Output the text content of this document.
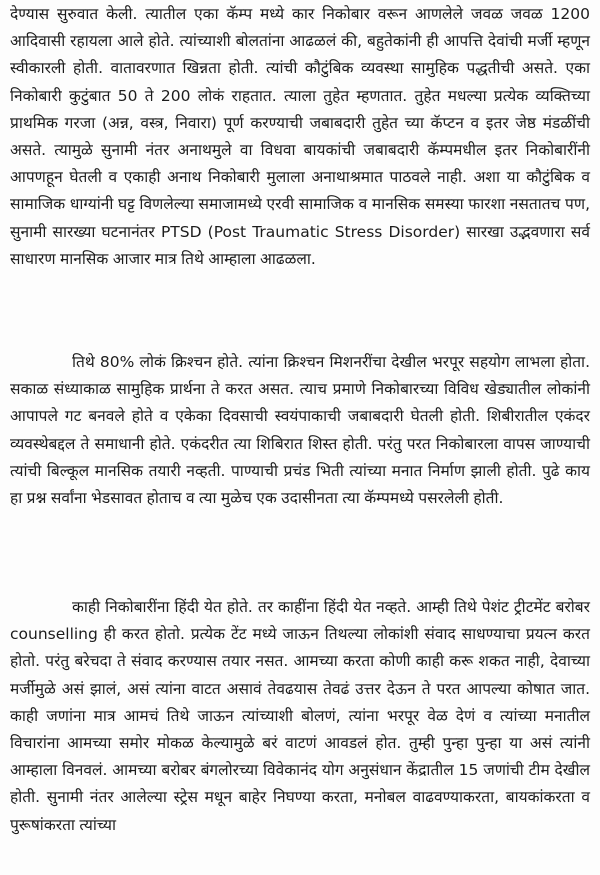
देण्यास सुरुवात केली. त्यातील एका कॅम्प मध्ये कार निकोबार वरून आणलेले जवळ जवळ 1200 आदिवासी रहायला आले होते. त्यांच्याशी बोलतांना आढळलं की, बहुतेकांनी ही आपत्ति देवांची मर्जी म्हणून स्वीकारली होती. वातावरणात खिन्नता होती. त्यांची कौटुंबिक व्यवस्था सामुहिक पद्धतीची असते. एका निकोबारी कुटुंबात 50 ते 200 लोकं राहतात. त्याला तुहेत म्हणतात. तुहेत मधल्या प्रत्येक व्यक्तिच्या प्राथमिक गरजा (अन्न, वस्त्र, निवारा) पूर्ण करण्याची जबाबदारी तुहेत च्या कॅप्टन व इतर जेष्ठ मंडळींची असते. त्यामुळे सुनामी नंतर अनाथमुले वा विधवा बायकांची जबाबदारी कॅम्पमधील इतर निकोबारींनी आपणहून घेतली व एकाही अनाथ निकोबारी मुलाला अनाथाश्रमात पाठवले नाही. अशा या कौटुंबिक व सामाजिक धाग्यांनी घट्ट विणलेल्या समाजामध्ये एरवी सामाजिक व मानसिक समस्या फारशा नसतातच पण, सुनामी सारख्या घटनानंतर PTSD (Post Traumatic Stress Disorder) सारखा उद्भवणारा सर्व साधारण मानसिक आजार मात्र तिथे आम्हाला आढळला.

तिथे 80% लोकं क्रिश्चन होते. त्यांना क्रिश्चन मिशनरींचा देखील भरपूर सहयोग लाभला होता. सकाळ संध्याकाळ सामुहिक प्रार्थना ते करत असत. त्याच प्रमाणे निकोबारच्या विविध खेड्यातील लोकांनी आपापले गट बनवले होते व एकेका दिवसाची स्वयंपाकाची जबाबदारी घेतली होती. शिबीरातील एकंदर व्यवस्थेबद्दल ते समाधानी होते. एकंदरीत त्या शिबिरात शिस्त होती. परंतु परत निकोबारला वापस जाण्याची त्यांची बिल्कूल मानसिक तयारी नव्हती. पाण्याची प्रचंड भिती त्यांच्या मनात निर्माण झाली होती. पुढे काय हा प्रश्न सर्वांना भेडसावत होताच व त्या मुळेच एक उदासीनता त्या कॅम्पमध्ये पसरलेली होती.

काही निकोबारींना हिंदी येत होते. तर काहींना हिंदी येत नव्हते. आम्ही तिथे पेशंट ट्रीटमेंट बरोबर counselling ही करत होतो. प्रत्येक टेंट मध्ये जाऊन तिथल्या लोकांशी संवाद साधण्याचा प्रयत्न करत होतो. परंतु बरेचदा ते संवाद करण्यास तयार नसत. आमच्या करता कोणी काही करू शकत नाही, देवाच्या मर्जीमुळे असं झालं, असं त्यांना वाटत असावं तेवढयास तेवढं उत्तर देऊन ते परत आपल्या कोषात जात. काही जणांना मात्र आमचं तिथे जाऊन त्यांच्याशी बोलणं, त्यांना भरपूर वेळ देणं व त्यांच्या मनातील विचारांना आमच्या समोर मोकळ केल्यामुळे बरं वाटणं आवडलं होत. तुम्ही पुन्हा पुन्हा या असं त्यांनी आम्हाला विनवलं. आमच्या बरोबर बंगलोरच्या विवेकानंद योग अनुसंधान केंद्रातील 15 जणांची टीम देखील होती. सुनामी नंतर आलेल्या स्ट्रेस मधून बाहेर निघण्या करता, मनोबल वाढवण्याकरता, बायकांकरता व पुरूषांकरता त्यांच्या
